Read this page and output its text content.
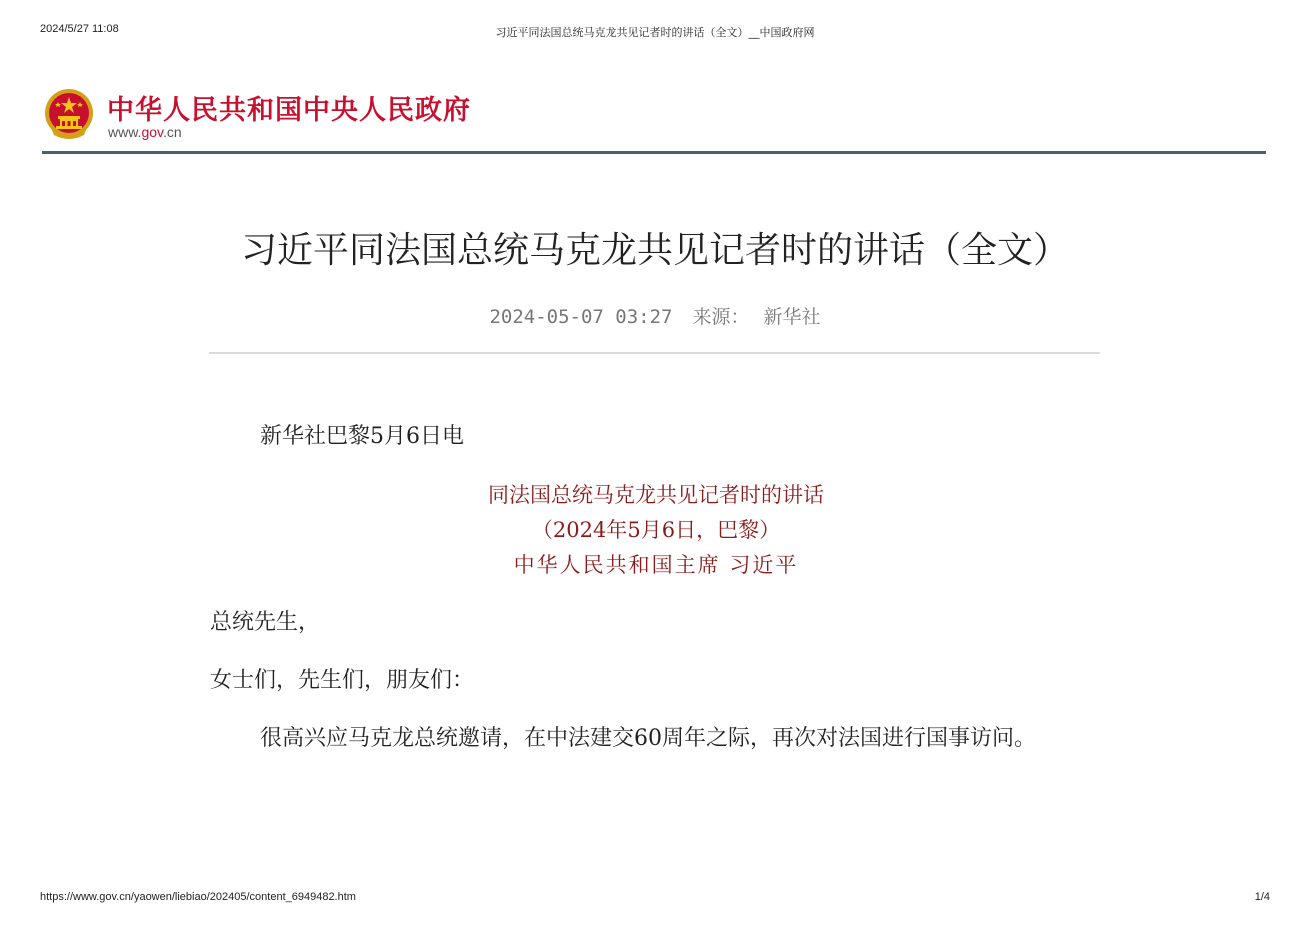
2024/5/27 11:08	习近平同法国总统马克龙共见记者时的讲话（全文）__中国政府网
中华人民共和国中央人民政府
www.gov.cn
习近平同法国总统马克龙共见记者时的讲话（全文）
2024-05-07 03:27 来源： 新华社

新华社巴黎5月6日电

同法国总统马克龙共见记者时的讲话
（2024年5月6日，巴黎）
中华人民共和国主席 习近平

总统先生，

女士们，先生们，朋友们：

很高兴应马克龙总统邀请，在中法建交60周年之际，再次对法国进行国事访问。

https://www.gov.cn/yaowen/liebiao/202405/content_6949482.htm	1/4
